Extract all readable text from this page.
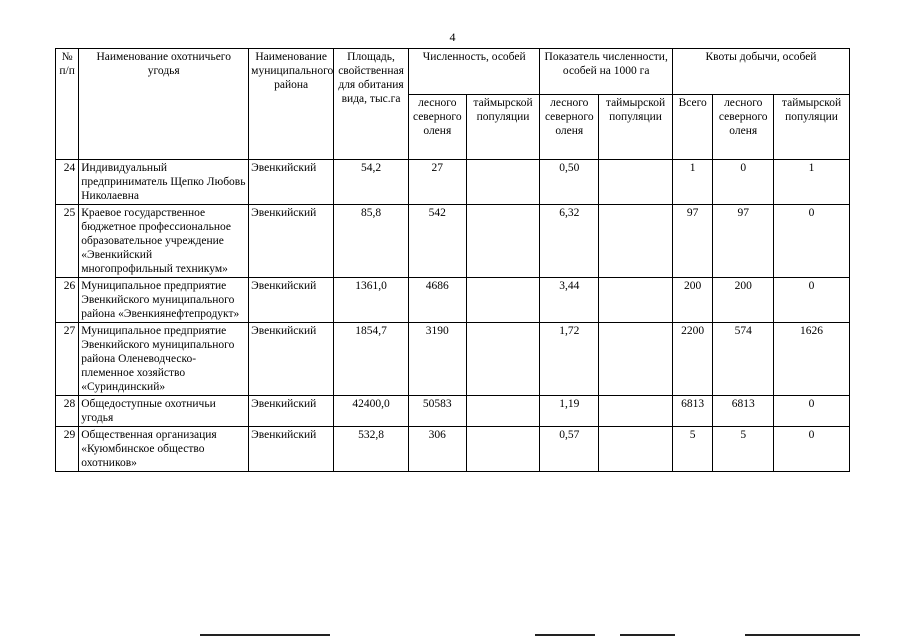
4
№ п/п	Наименование охотничьего угодья	Наименование муниципального района	Площадь, свойственная для обитания вида, тыс.га	Численность, особей		Показатель численности, особей на 1000 га		Квоты добычи, особей		
				лесного северного оленя	таймырской популяции	лесного северного оленя	таймырской популяции	Всего	лесного северного оленя	таймырской популяции
24	Индивидуальный предприниматель Щепко Любовь Николаевна	Эвенкийский	54,2	27		0,50		1	0	1
25	Краевое государственное бюджетное профессиональное образовательное учреждение «Эвенкийский многопрофильный техникум»	Эвенкийский	85,8	542		6,32		97	97	0
26	Муниципальное предприятие Эвенкийского муниципального района «Эвенкиянефтепродукт»	Эвенкийский	1361,0	4686		3,44		200	200	0
27	Муниципальное предприятие Эвенкийского муниципального района Оленеводческо-племенное хозяйство «Суриндинский»	Эвенкийский	1854,7	3190		1,72		2200	574	1626
28	Общедоступные охотничьи угодья	Эвенкийский	42400,0	50583		1,19		6813	6813	0
29	Общественная организация «Куюмбинское общество охотников»	Эвенкийский	532,8	306		0,57		5	5	0
